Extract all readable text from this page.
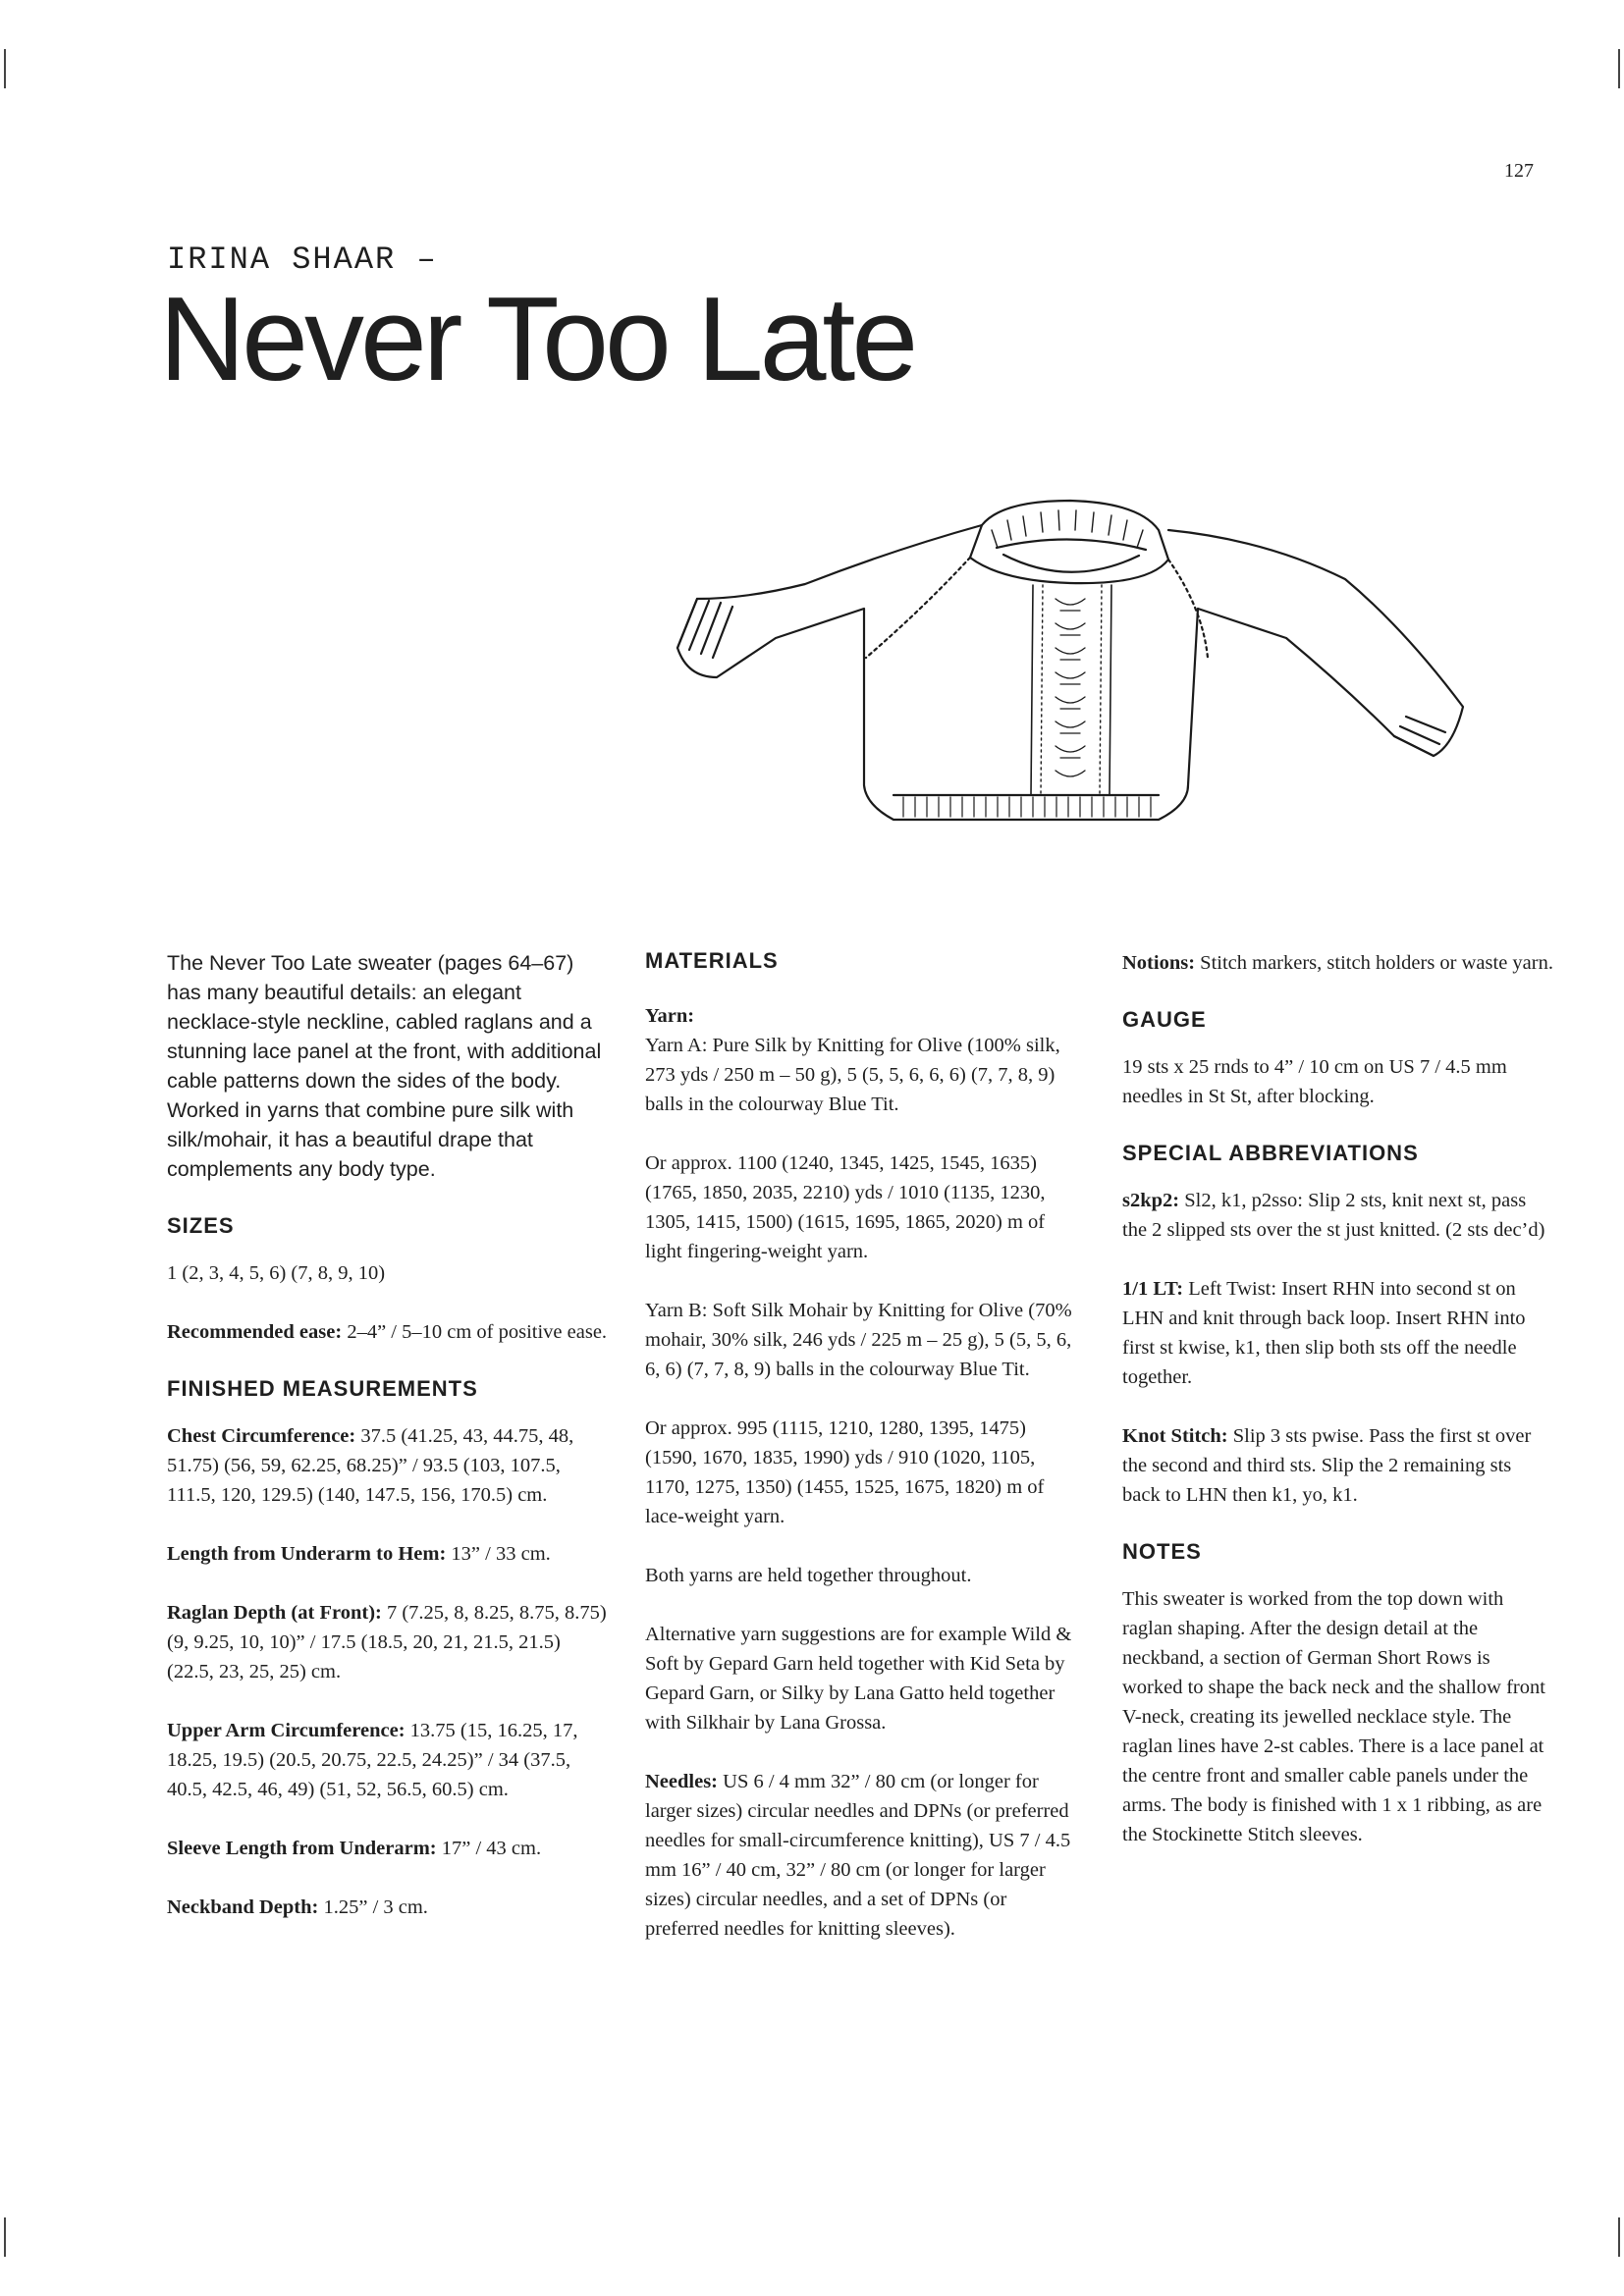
127
IRINA SHAAR –
Never Too Late

The Never Too Late sweater (pages 64–67) has many beautiful details: an elegant necklace-style neckline, cabled raglans and a stunning lace panel at the front, with additional cable patterns down the sides of the body. Worked in yarns that combine pure silk with silk/mohair, it has a beautiful drape that complements any body type.

SIZES

1 (2, 3, 4, 5, 6) (7, 8, 9, 10)

Recommended ease: 2–4” / 5–10 cm of positive ease.

FINISHED MEASUREMENTS

Chest Circumference: 37.5 (41.25, 43, 44.75, 48, 51.75) (56, 59, 62.25, 68.25)” / 93.5 (103, 107.5, 111.5, 120, 129.5) (140, 147.5, 156, 170.5) cm.

Length from Underarm to Hem: 13” / 33 cm.

Raglan Depth (at Front): 7 (7.25, 8, 8.25, 8.75, 8.75) (9, 9.25, 10, 10)” / 17.5 (18.5, 20, 21, 21.5, 21.5) (22.5, 23, 25, 25) cm.

Upper Arm Circumference: 13.75 (15, 16.25, 17, 18.25, 19.5) (20.5, 20.75, 22.5, 24.25)” / 34 (37.5, 40.5, 42.5, 46, 49) (51, 52, 56.5, 60.5) cm.

Sleeve Length from Underarm: 17” / 43 cm.

Neckband Depth: 1.25” / 3 cm.

MATERIALS

Yarn:
Yarn A: Pure Silk by Knitting for Olive (100% silk, 273 yds / 250 m – 50 g), 5 (5, 5, 6, 6, 6) (7, 7, 8, 9) balls in the colourway Blue Tit.

Or approx. 1100 (1240, 1345, 1425, 1545, 1635) (1765, 1850, 2035, 2210) yds / 1010 (1135, 1230, 1305, 1415, 1500) (1615, 1695, 1865, 2020) m of light fingering-weight yarn.

Yarn B: Soft Silk Mohair by Knitting for Olive (70% mohair, 30% silk, 246 yds / 225 m – 25 g), 5 (5, 5, 6, 6, 6) (7, 7, 8, 9) balls in the colourway Blue Tit.

Or approx. 995 (1115, 1210, 1280, 1395, 1475) (1590, 1670, 1835, 1990) yds / 910 (1020, 1105, 1170, 1275, 1350) (1455, 1525, 1675, 1820) m of lace-weight yarn.

Both yarns are held together throughout.

Alternative yarn suggestions are for example Wild & Soft by Gepard Garn held together with Kid Seta by Gepard Garn, or Silky by Lana Gatto held together with Silkhair by Lana Grossa.

Needles: US 6 / 4 mm 32” / 80 cm (or longer for larger sizes) circular needles and DPNs (or preferred needles for small-circumference knitting), US 7 / 4.5 mm 16” / 40 cm, 32” / 80 cm (or longer for larger sizes) circular needles, and a set of DPNs (or preferred needles for knitting sleeves).

Notions: Stitch markers, stitch holders or waste yarn.

GAUGE

19 sts x 25 rnds to 4” / 10 cm on US 7 / 4.5 mm needles in St St, after blocking.

SPECIAL ABBREVIATIONS

s2kp2: Sl2, k1, p2sso: Slip 2 sts, knit next st, pass the 2 slipped sts over the st just knitted. (2 sts dec’d)

1/1 LT: Left Twist: Insert RHN into second st on LHN and knit through back loop. Insert RHN into first st kwise, k1, then slip both sts off the needle together.

Knot Stitch: Slip 3 sts pwise. Pass the first st over the second and third sts. Slip the 2 remaining sts back to LHN then k1, yo, k1.

NOTES

This sweater is worked from the top down with raglan shaping. After the design detail at the neckband, a section of German Short Rows is worked to shape the back neck and the shallow front V-neck, creating its jewelled necklace style. The raglan lines have 2-st cables. There is a lace panel at the centre front and smaller cable panels under the arms. The body is finished with 1 x 1 ribbing, as are the Stockinette Stitch sleeves.
